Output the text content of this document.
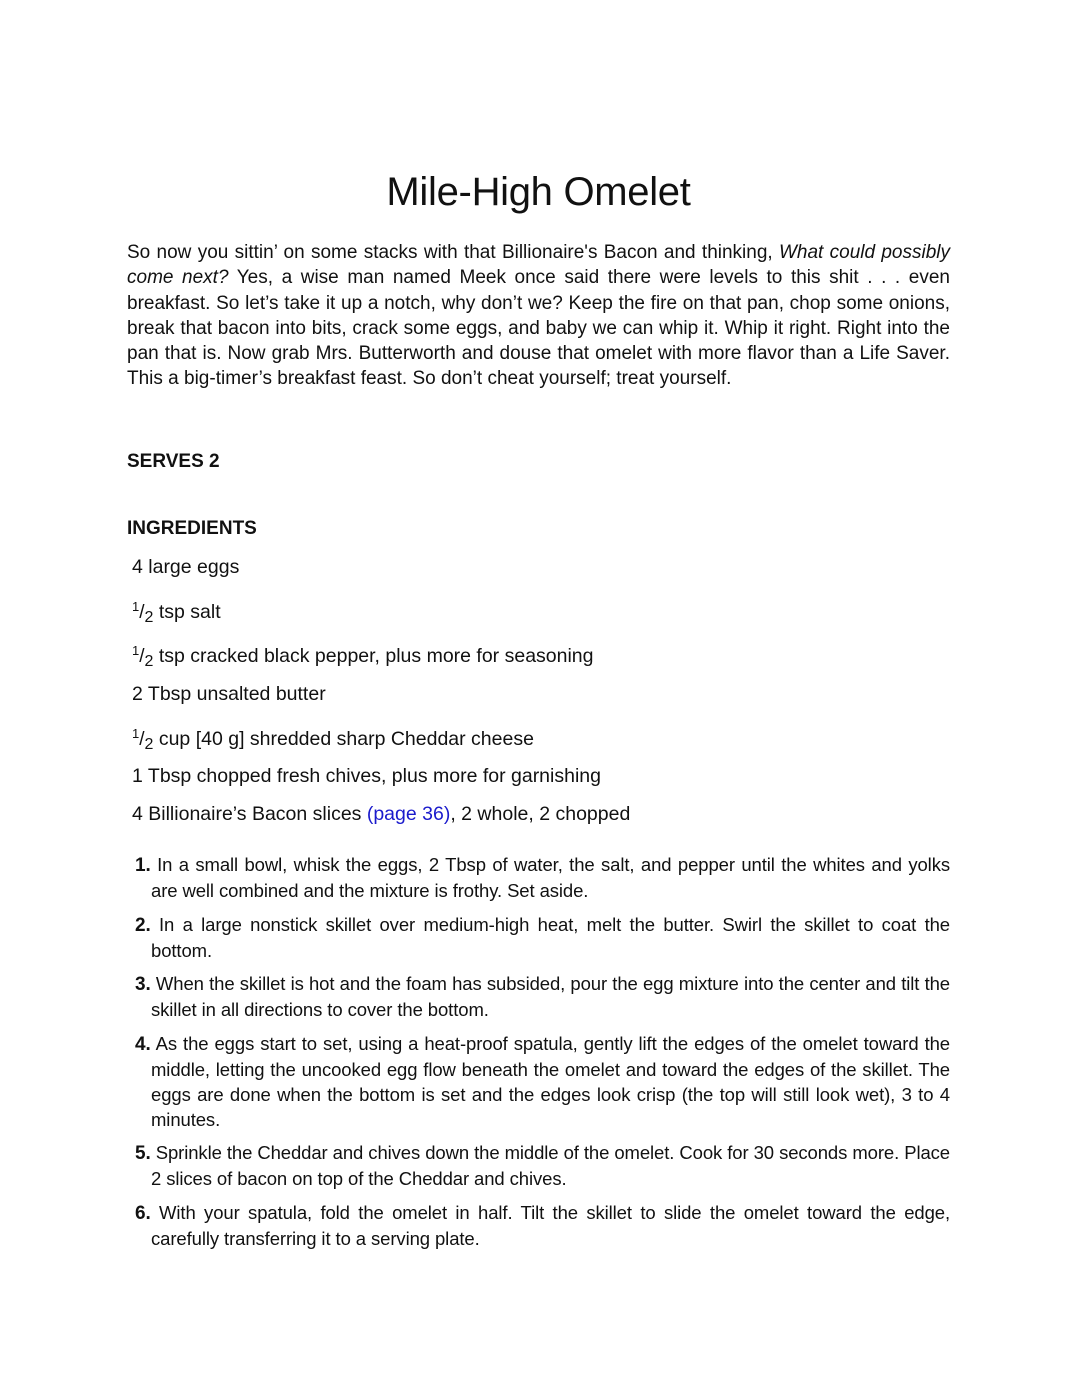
Mile-High Omelet

So now you sittin’ on some stacks with that Billionaire's Bacon and thinking, What could possibly come next? Yes, a wise man named Meek once said there were levels to this shit . . . even breakfast. So let’s take it up a notch, why don’t we? Keep the fire on that pan, chop some onions, break that bacon into bits, crack some eggs, and baby we can whip it. Whip it right. Right into the pan that is. Now grab Mrs. Butterworth and douse that omelet with more flavor than a Life Saver. This a big-timer’s breakfast feast. So don’t cheat yourself; treat yourself.

SERVES 2
INGREDIENTS
4 large eggs
$^1/_2$ tsp salt
$^1/_2$ tsp cracked black pepper, plus more for seasoning
2 Tbsp unsalted butter
$^1/_2$ cup [40 g] shredded sharp Cheddar cheese
1 Tbsp chopped fresh chives, plus more for garnishing
4 Billionaire’s Bacon slices (page 36), 2 whole, 2 chopped
1. In a small bowl, whisk the eggs, 2 Tbsp of water, the salt, and pepper until the whites and yolks are well combined and the mixture is frothy. Set aside.
2. In a large nonstick skillet over medium-high heat, melt the butter. Swirl the skillet to coat the bottom.
3. When the skillet is hot and the foam has subsided, pour the egg mixture into the center and tilt the skillet in all directions to cover the bottom.
4. As the eggs start to set, using a heat-proof spatula, gently lift the edges of the omelet toward the middle, letting the uncooked egg flow beneath the omelet and toward the edges of the skillet. The eggs are done when the bottom is set and the edges look crisp (the top will still look wet), 3 to 4 minutes.
5. Sprinkle the Cheddar and chives down the middle of the omelet. Cook for 30 seconds more. Place 2 slices of bacon on top of the Cheddar and chives.
6. With your spatula, fold the omelet in half. Tilt the skillet to slide the omelet toward the edge, carefully transferring it to a serving plate.
